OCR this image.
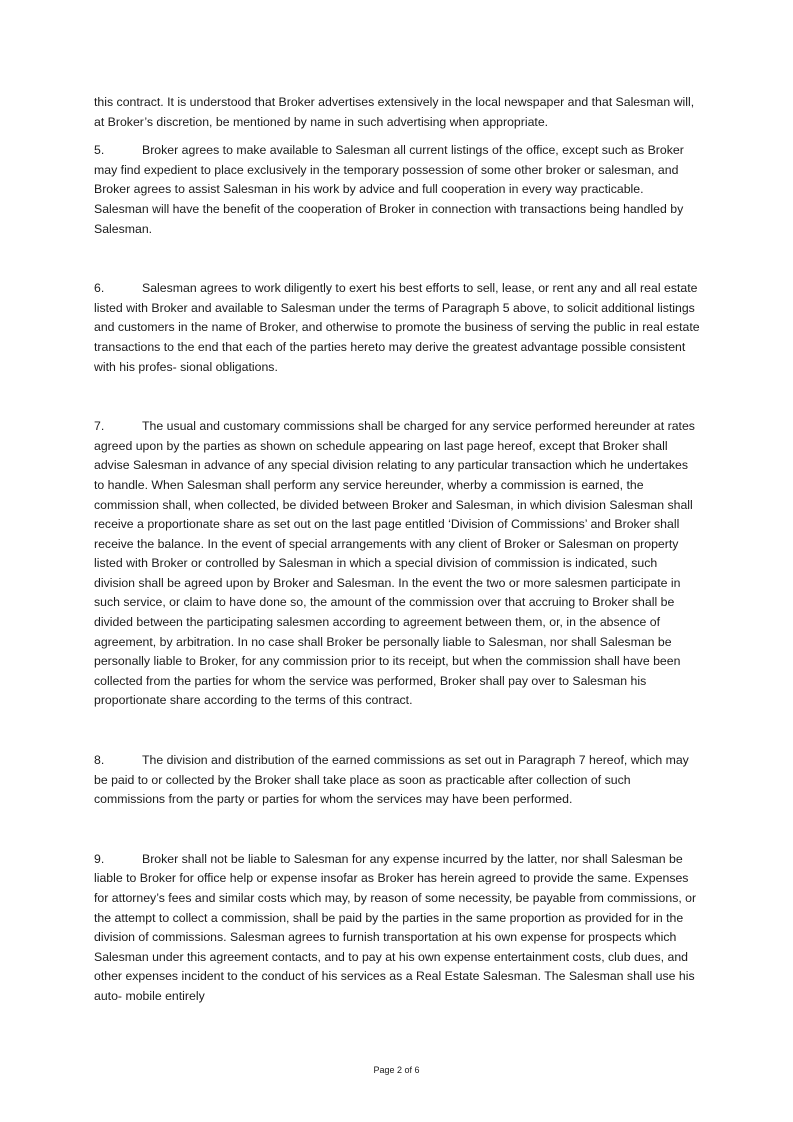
this contract. It is understood that Broker advertises extensively in the local newspaper and that Salesman will, at Broker’s discretion, be mentioned by name in such advertising when appropriate.

5.	Broker agrees to make available to Salesman all current listings of the office, except such as Broker may find expedient to place exclusively in the temporary possession of some other broker or salesman, and Broker agrees to assist Salesman in his work by advice and full cooperation in every way practicable. Salesman will have the benefit of the cooperation of Broker in connection with transactions being handled by Salesman.

6.	Salesman agrees to work diligently to exert his best efforts to sell, lease, or rent any and all real estate listed with Broker and available to Salesman under the terms of Paragraph 5 above, to solicit additional listings and customers in the name of Broker, and otherwise to promote the business of serving the public in real estate transactions to the end that each of the parties hereto may derive the greatest advantage possible consistent with his profes- sional obligations.

7.	The usual and customary commissions shall be charged for any service performed hereunder at rates agreed upon by the parties as shown on schedule appearing on last page hereof, except that Broker shall advise Salesman in advance of any special division relating to any particular transaction which he undertakes to handle. When Salesman shall perform any service hereunder, wherby a commission is earned, the commission shall, when collected, be divided between Broker and Salesman, in which division Salesman shall receive a proportionate share as set out on the last page entitled ‘Division of Commissions’ and Broker shall receive the balance. In the event of special arrangements with any client of Broker or Salesman on property listed with Broker or controlled by Salesman in which a special division of commission is indicated, such division shall be agreed upon by Broker and Salesman. In the event the two or more salesmen participate in such service, or claim to have done so, the amount of the commission over that accruing to Broker shall be divided between the participating salesmen according to agreement between them, or, in the absence of agreement, by arbitration. In no case shall Broker be personally liable to Salesman, nor shall Salesman be personally liable to Broker, for any commission prior to its receipt, but when the commission shall have been collected from the parties for whom the service was performed, Broker shall pay over to Salesman his proportionate share according to the terms of this contract.

8.	The division and distribution of the earned commissions as set out in Paragraph 7 hereof, which may be paid to or collected by the Broker shall take place as soon as practicable after collection of such commissions from the party or parties for whom the services may have been performed.

9.	Broker shall not be liable to Salesman for any expense incurred by the latter, nor shall Salesman be liable to Broker for office help or expense insofar as Broker has herein agreed to provide the same. Expenses for attorney’s fees and similar costs which may, by reason of some necessity, be payable from commissions, or the attempt to collect a commission, shall be paid by the parties in the same proportion as provided for in the division of commissions. Salesman agrees to furnish transportation at his own expense for prospects which Salesman under this agreement contacts, and to pay at his own expense entertainment costs, club dues, and other expenses incident to the conduct of his services as a Real Estate Salesman. The Salesman shall use his auto- mobile entirely

Page 2 of 6
